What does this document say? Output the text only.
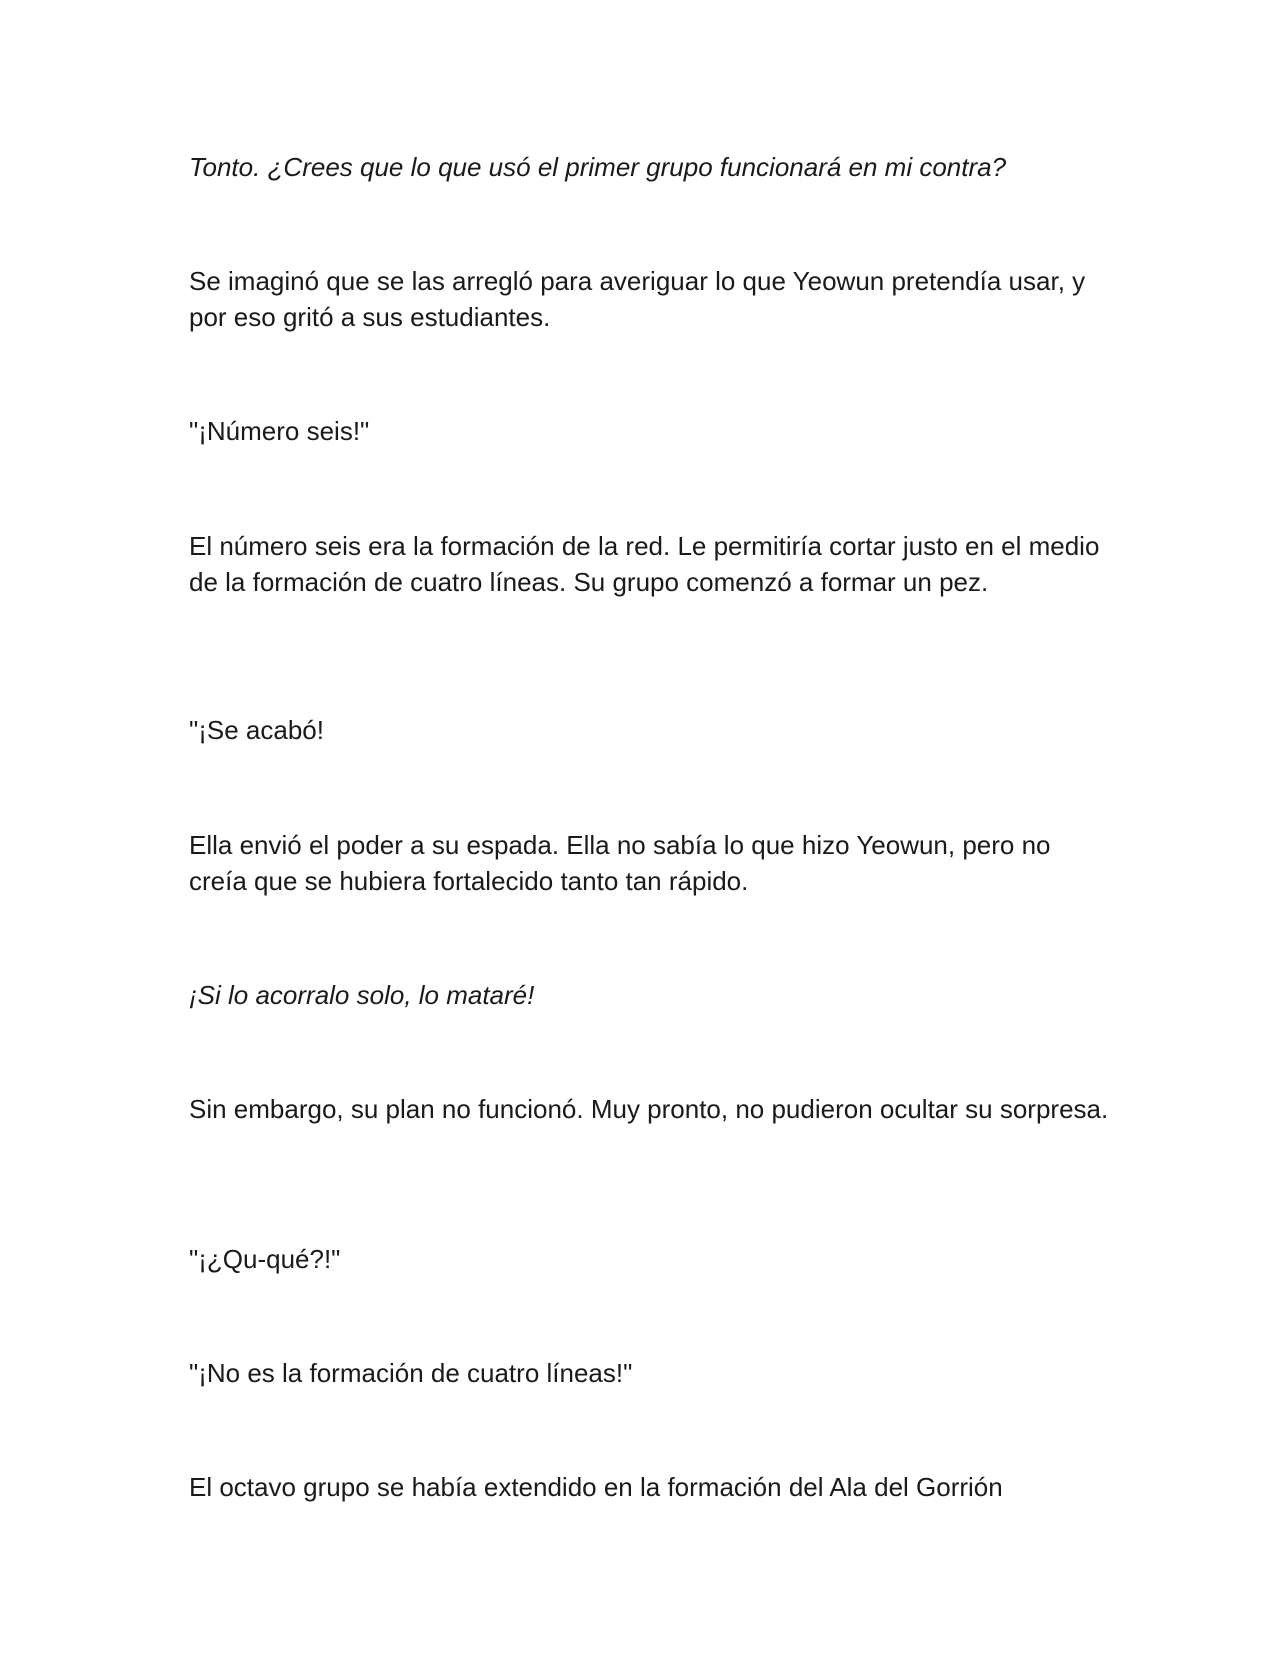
Tonto. ¿Crees que lo que usó el primer grupo funcionará en mi contra?

Se imaginó que se las arregló para averiguar lo que Yeowun pretendía usar, y por eso gritó a sus estudiantes.

"¡Número seis!"

El número seis era la formación de la red. Le permitiría cortar justo en el medio de la formación de cuatro líneas. Su grupo comenzó a formar un pez.

"¡Se acabó!

Ella envió el poder a su espada. Ella no sabía lo que hizo Yeowun, pero no creía que se hubiera fortalecido tanto tan rápido.

¡Si lo acorralo solo, lo mataré!

Sin embargo, su plan no funcionó. Muy pronto, no pudieron ocultar su sorpresa.

"¡¿Qu-qué?!"

"¡No es la formación de cuatro líneas!"

El octavo grupo se había extendido en la formación del Ala del Gorrión
